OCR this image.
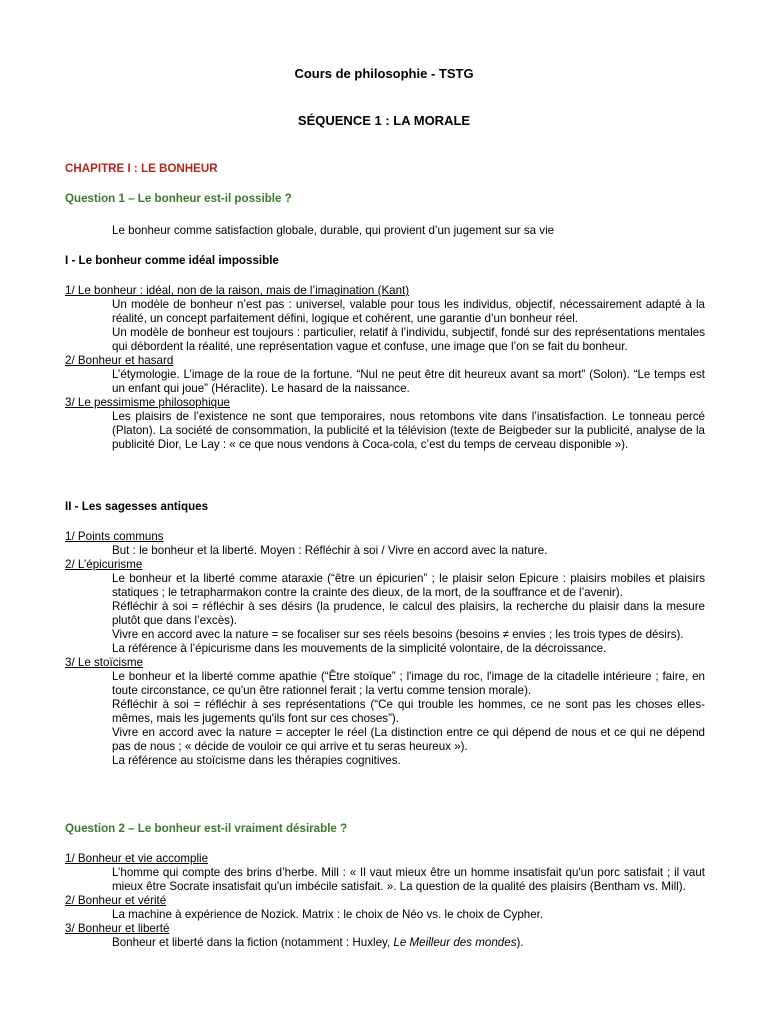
Cours de philosophie - TSTG
SÉQUENCE 1 : LA MORALE
CHAPITRE I : LE BONHEUR
Question 1 – Le bonheur est-il possible ?
Le bonheur comme satisfaction globale, durable, qui provient d’un jugement sur sa vie
I - Le bonheur comme idéal impossible

1/ Le bonheur : idéal, non de la raison, mais de l’imagination (Kant)

Un modèle de bonheur n’est pas : universel, valable pour tous les individus, objectif, nécessairement adapté à la réalité, un concept parfaitement défini, logique et cohérent, une garantie d’un bonheur réel.

Un modèle de bonheur est toujours : particulier, relatif à l’individu, subjectif, fondé sur des représentations mentales qui débordent la réalité, une représentation vague et confuse, une image que l’on se fait du bonheur.

2/ Bonheur et hasard

L’étymologie. L’image de la roue de la fortune. “Nul ne peut être dit heureux avant sa mort” (Solon). “Le temps est un enfant qui joue” (Héraclite). Le hasard de la naissance.

3/ Le pessimisme philosophique

Les plaisirs de l’existence ne sont que temporaires, nous retombons vite dans l’insatisfaction. Le tonneau percé (Platon). La société de consommation, la publicité et la télévision (texte de Beigbeder sur la publicité, analyse de la publicité Dior, Le Lay : « ce que nous vendons à Coca-cola, c’est du temps de cerveau disponible »).

II - Les sagesses antiques

1/ Points communs

But : le bonheur et la liberté. Moyen : Réfléchir à soi / Vivre en accord avec la nature.

2/ L’épicurisme

Le bonheur et la liberté comme ataraxie (“être un épicurien” ; le plaisir selon Epicure : plaisirs mobiles et plaisirs statiques ; le tetrapharmakon contre la crainte des dieux, de la mort, de la souffrance et de l’avenir).

Réfléchir à soi = réfléchir à ses désirs (la prudence, le calcul des plaisirs, la recherche du plaisir dans la mesure plutôt que dans l’excès).

Vivre en accord avec la nature = se focaliser sur ses réels besoins (besoins ≠ envies ; les trois types de désirs).

La référence à l’épicurisme dans les mouvements de la simplicité volontaire, de la décroissance.

3/ Le stoïcisme

Le bonheur et la liberté comme apathie (“Être stoïque” ; l'image du roc, l'image de la citadelle intérieure ; faire, en toute circonstance, ce qu'un être rationnel ferait ; la vertu comme tension morale).

Réfléchir à soi = réfléchir à ses représentations (“Ce qui trouble les hommes, ce ne sont pas les choses elles-mêmes, mais les jugements qu'ils font sur ces choses”).

Vivre en accord avec la nature = accepter le réel (La distinction entre ce qui dépend de nous et ce qui ne dépend pas de nous ; « décide de vouloir ce qui arrive et tu seras heureux »).

La référence au stoïcisme dans les thérapies cognitives.

Question 2 – Le bonheur est-il vraiment désirable ?

1/ Bonheur et vie accomplie

L’homme qui compte des brins d’herbe. Mill : « Il vaut mieux être un homme insatisfait qu'un porc satisfait ; il vaut mieux être Socrate insatisfait qu'un imbécile satisfait. ». La question de la qualité des plaisirs (Bentham vs. Mill).

2/ Bonheur et vérité

La machine à expérience de Nozick. Matrix : le choix de Néo vs. le choix de Cypher.

3/ Bonheur et liberté

Bonheur et liberté dans la fiction (notamment : Huxley, Le Meilleur des mondes).
